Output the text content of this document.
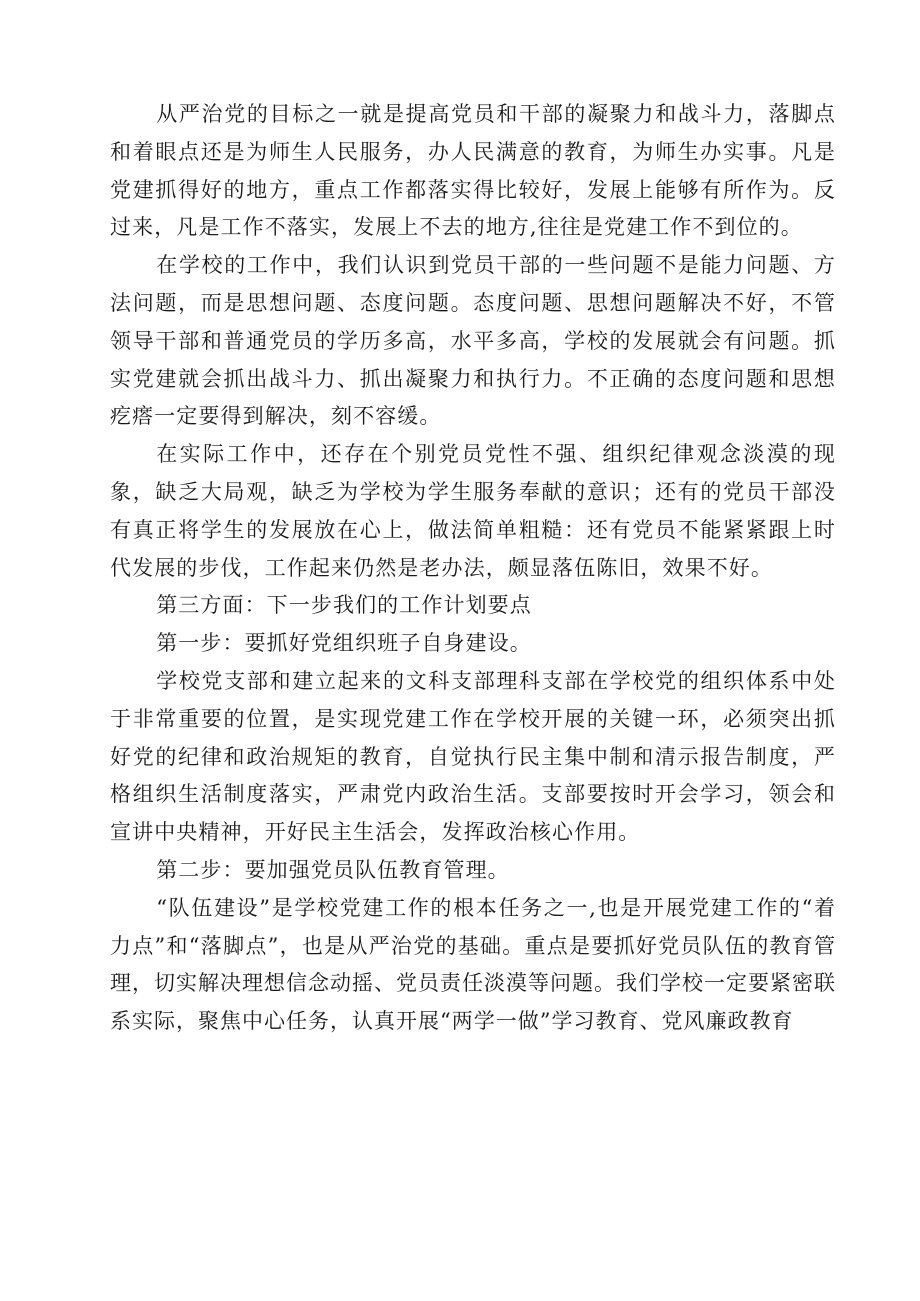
从严治党的目标之一就是提高党员和干部的凝聚力和战斗力，落脚点和着眼点还是为师生人民服务，办人民满意的教育，为师生办实事。凡是党建抓得好的地方，重点工作都落实得比较好，发展上能够有所作为。反过来，凡是工作不落实，发展上不去的地方,往往是党建工作不到位的。

在学校的工作中，我们认识到党员干部的一些问题不是能力问题、方法问题，而是思想问题、态度问题。态度问题、思想问题解决不好，不管领导干部和普通党员的学历多高，水平多高，学校的发展就会有问题。抓实党建就会抓出战斗力、抓出凝聚力和执行力。不正确的态度问题和思想疙瘩一定要得到解决，刻不容缓。

在实际工作中，还存在个别党员党性不强、组织纪律观念淡漠的现象，缺乏大局观，缺乏为学校为学生服务奉献的意识；还有的党员干部没有真正将学生的发展放在心上，做法简单粗糙：还有党员不能紧紧跟上时代发展的步伐，工作起来仍然是老办法，颇显落伍陈旧，效果不好。

第三方面：下一步我们的工作计划要点

第一步：要抓好党组织班子自身建设。

学校党支部和建立起来的文科支部理科支部在学校党的组织体系中处于非常重要的位置，是实现党建工作在学校开展的关键一环，必须突出抓好党的纪律和政治规矩的教育，自觉执行民主集中制和清示报告制度，严格组织生活制度落实，严肃党内政治生活。支部要按时开会学习，领会和宣讲中央精神，开好民主生活会，发挥政治核心作用。

第二步：要加强党员队伍教育管理。

“队伍建设”是学校党建工作的根本任务之一,也是开展党建工作的“着力点”和“落脚点”，也是从严治党的基础。重点是要抓好党员队伍的教育管理，切实解决理想信念动摇、党员责任淡漠等问题。我们学校一定要紧密联系实际，聚焦中心任务，认真开展“两学一做”学习教育、党风廉政教育
